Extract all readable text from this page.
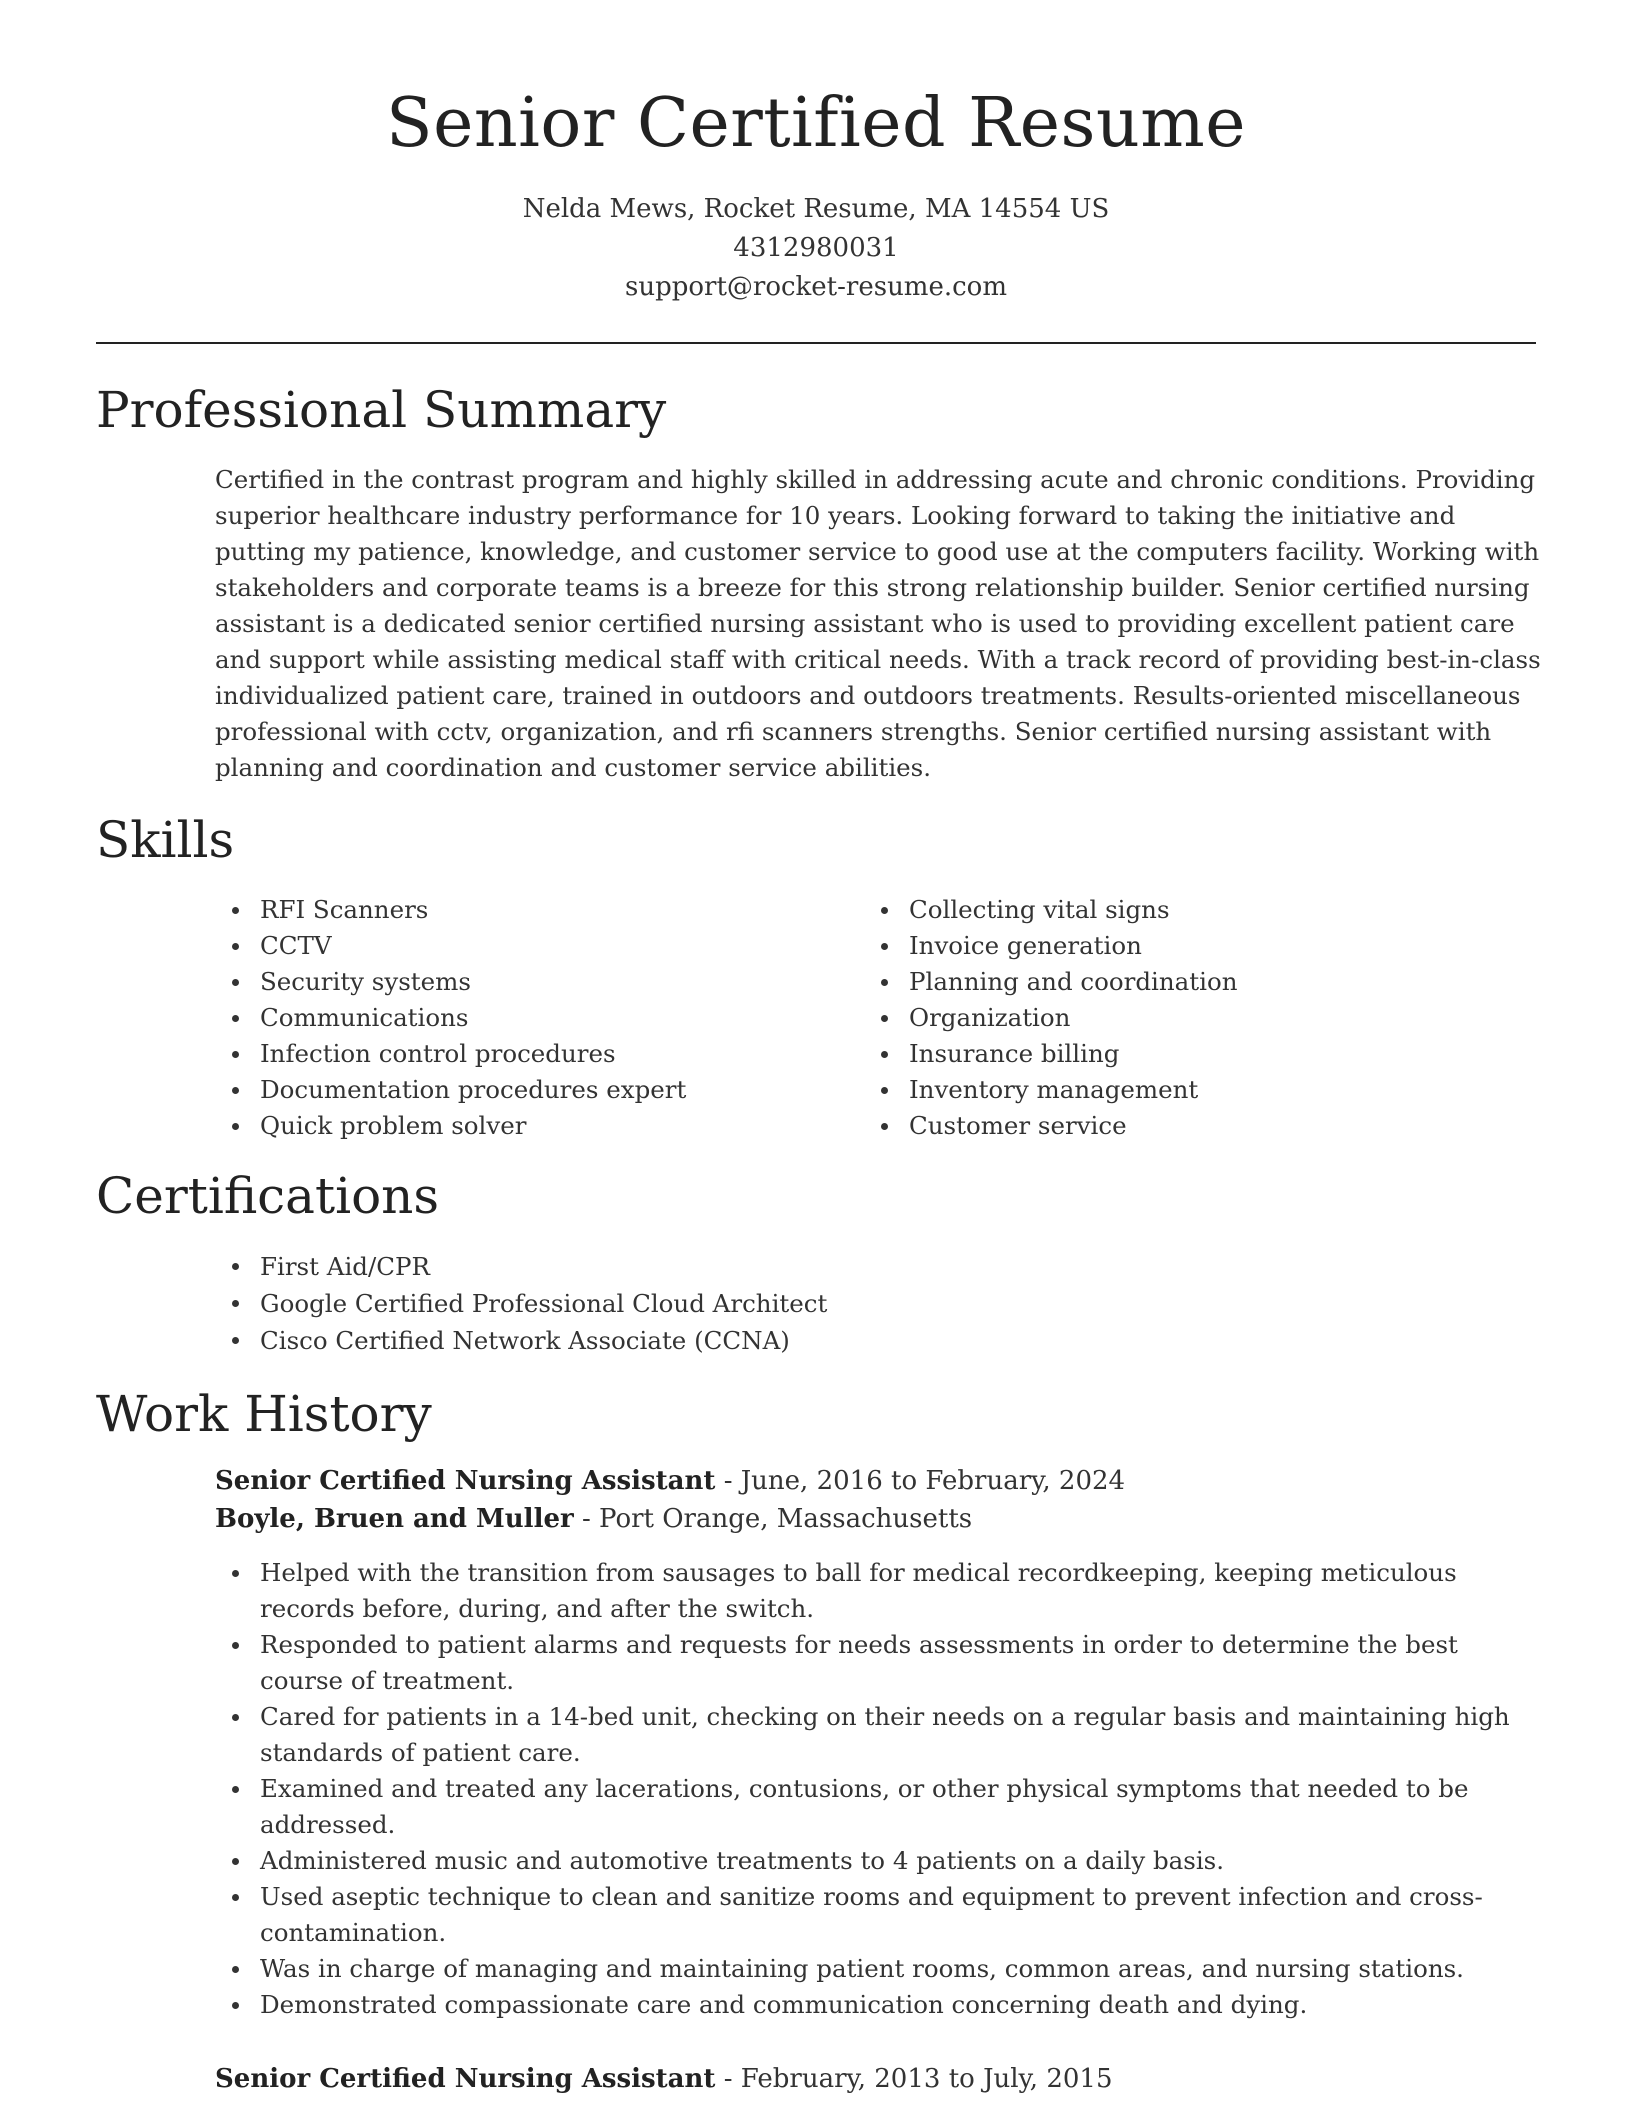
Senior Certified Resume
Nelda Mews, Rocket Resume, MA 14554 US
4312980031
support@rocket-resume.com
Professional Summary

Certified in the contrast program and highly skilled in addressing acute and chronic conditions. Providing superior healthcare industry performance for 10 years. Looking forward to taking the initiative and putting my patience, knowledge, and customer service to good use at the computers facility. Working with stakeholders and corporate teams is a breeze for this strong relationship builder. Senior certified nursing assistant is a dedicated senior certified nursing assistant who is used to providing excellent patient care and support while assisting medical staff with critical needs. With a track record of providing best-in-class individualized patient care, trained in outdoors and outdoors treatments. Results-oriented miscellaneous professional with cctv, organization, and rfi scanners strengths. Senior certified nursing assistant with planning and coordination and customer service abilities.

Skills
RFI Scanners
CCTV
Security systems
Communications
Infection control procedures
Documentation procedures expert
Quick problem solver
Collecting vital signs
Invoice generation
Planning and coordination
Organization
Insurance billing
Inventory management
Customer service
Certifications
First Aid/CPR
Google Certified Professional Cloud Architect
Cisco Certified Network Associate (CCNA)
Work History
Senior Certified Nursing Assistant - June, 2016 to February, 2024
Boyle, Bruen and Muller - Port Orange, Massachusetts
Helped with the transition from sausages to ball for medical recordkeeping, keeping meticulous records before, during, and after the switch.
Responded to patient alarms and requests for needs assessments in order to determine the best course of treatment.
Cared for patients in a 14-bed unit, checking on their needs on a regular basis and maintaining high standards of patient care.
Examined and treated any lacerations, contusions, or other physical symptoms that needed to be addressed.
Administered music and automotive treatments to 4 patients on a daily basis.
Used aseptic technique to clean and sanitize rooms and equipment to prevent infection and cross-contamination.
Was in charge of managing and maintaining patient rooms, common areas, and nursing stations.
Demonstrated compassionate care and communication concerning death and dying.
Senior Certified Nursing Assistant - February, 2013 to July, 2015
